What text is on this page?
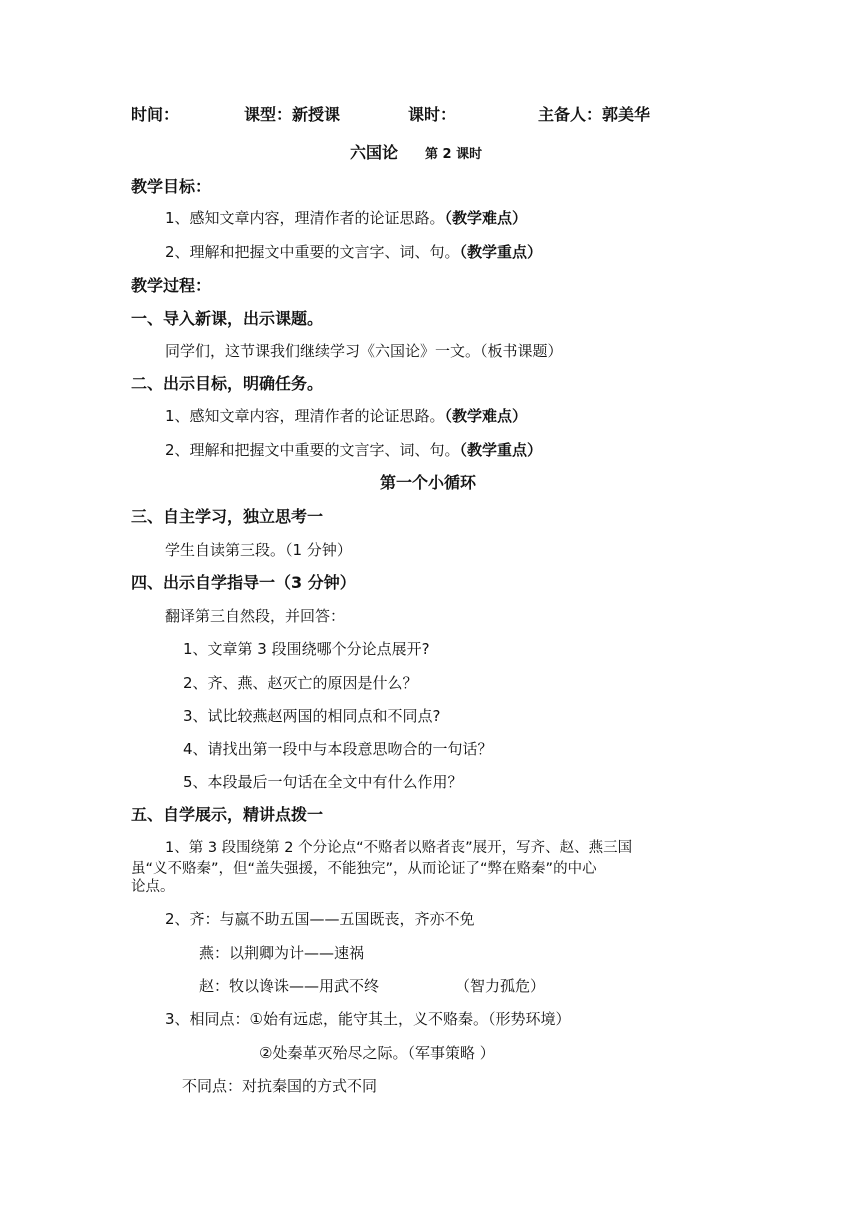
时间：	课型：新授课	课时：	主备人：郭美华
六国论 第 2 课时
教学目标：
1、感知文章内容，理清作者的论证思路。（教学难点）
2、理解和把握文中重要的文言字、词、句。（教学重点）
教学过程：
一、导入新课，出示课题。
同学们，这节课我们继续学习《六国论》一文。（板书课题）
二、出示目标，明确任务。
1、感知文章内容，理清作者的论证思路。（教学难点）
2、理解和把握文中重要的文言字、词、句。（教学重点）
第一个小循环
三、自主学习，独立思考一
学生自读第三段。（1 分钟）
四、出示自学指导一（3 分钟）
翻译第三自然段，并回答：
1、文章第 3 段围绕哪个分论点展开?
2、齐、燕、赵灭亡的原因是什么？
3、试比较燕赵两国的相同点和不同点?
4、请找出第一段中与本段意思吻合的一句话？
5、本段最后一句话在全文中有什么作用？
五、自学展示，精讲点拨一
1、第 3 段围绕第 2 个分论点“不赂者以赂者丧”展开，写齐、赵、燕三国
虽“义不赂秦”，但“盖失强援，不能独完”，从而论证了“弊在赂秦”的中心
论点。
2、齐：与嬴不助五国——五国既丧，齐亦不免
燕：以荆卿为计——速祸
赵：牧以谗诛——用武不终	（智力孤危）
3、相同点：①始有远虑，能守其土，义不赂秦。（形势环境）
②处秦革灭殆尽之际。（军事策略 ）
不同点：对抗秦国的方式不同
